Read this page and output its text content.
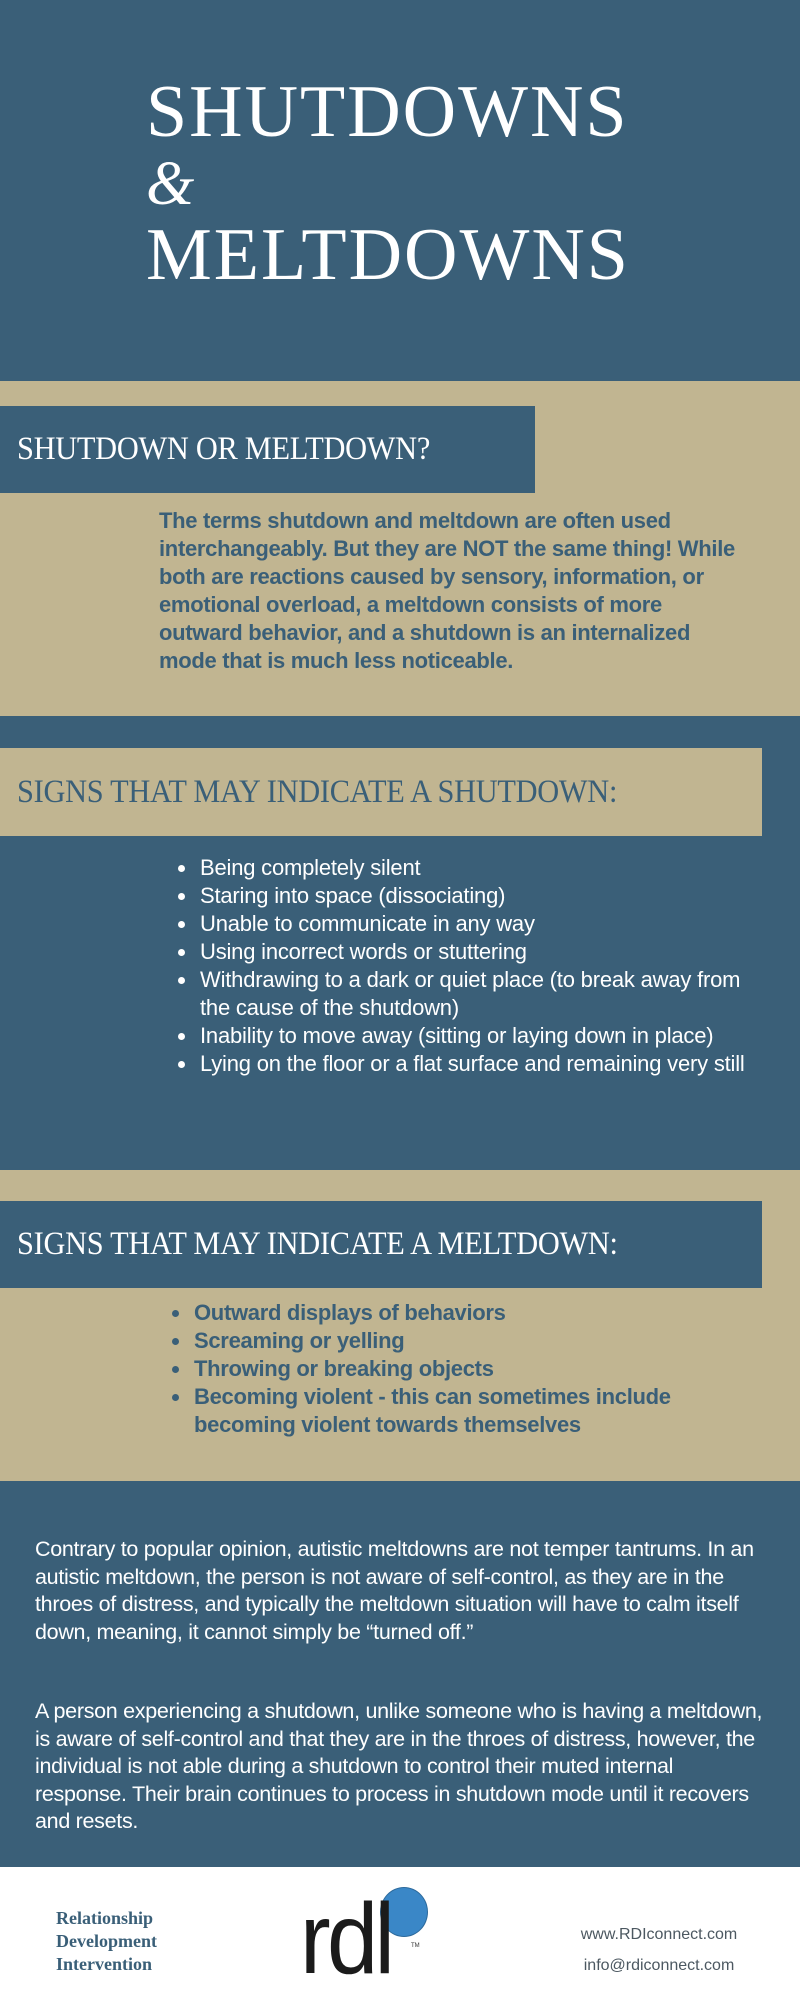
SHUTDOWNS
&
MELTDOWNS
SHUTDOWN OR MELTDOWN?

The terms shutdown and meltdown are often used interchangeably. But they are NOT the same thing! While both are reactions caused by sensory, information, or emotional overload, a meltdown consists of more outward behavior, and a shutdown is an internalized mode that is much less noticeable.

SIGNS THAT MAY INDICATE A SHUTDOWN:
Being completely silent
Staring into space (dissociating)
Unable to communicate in any way
Using incorrect words or stuttering
Withdrawing to a dark or quiet place (to break away from the cause of the shutdown)
Inability to move away (sitting or laying down in place)
Lying on the floor or a flat surface and remaining very still
SIGNS THAT MAY INDICATE A MELTDOWN:
Outward displays of behaviors
Screaming or yelling
Throwing or breaking objects
Becoming violent - this can sometimes include becoming violent towards themselves

Contrary to popular opinion, autistic meltdowns are not temper tantrums. In an autistic meltdown, the person is not aware of self-control, as they are in the throes of distress, and typically the meltdown situation will have to calm itself down, meaning, it cannot simply be “turned off.”

A person experiencing a shutdown, unlike someone who is having a meltdown, is aware of self-control and that they are in the throes of distress, however, the individual is not able during a shutdown to control their muted internal response. Their brain continues to process in shutdown mode until it recovers and resets.

Relationship
Development
Intervention rdl	TM
www.RDIconnect.com
info@rdiconnect.com
